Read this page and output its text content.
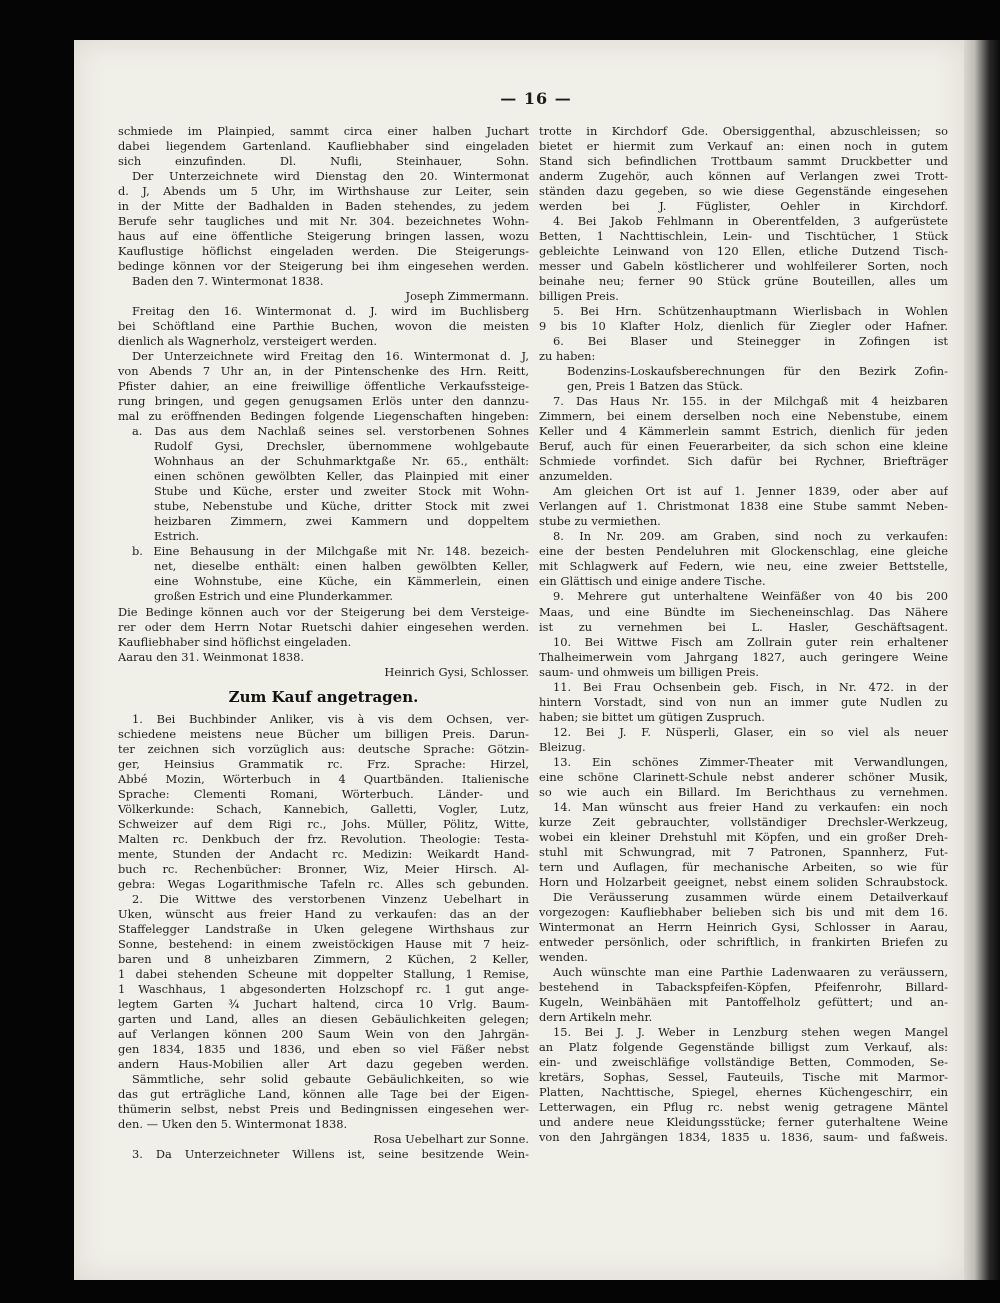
— 16 —
schmiede im Plainpied, sammt circa einer halben Juchart
dabei liegendem Gartenland. Kaufliebhaber sind eingeladen
sich einzufinden. Dl. Nufli, Steinhauer, Sohn.
Der Unterzeichnete wird Dienstag den 20. Wintermonat
d. J, Abends um 5 Uhr, im Wirthshause zur Leiter, sein
in der Mitte der Badhalden in Baden stehendes, zu jedem
Berufe sehr taugliches und mit Nr. 304. bezeichnetes Wohn-
haus auf eine öffentliche Steigerung bringen lassen, wozu
Kauflustige höflichst eingeladen werden. Die Steigerungs-
bedinge können vor der Steigerung bei ihm eingesehen werden.
Baden den 7. Wintermonat 1838.
Joseph Zimmermann.
Freitag den 16. Wintermonat d. J. wird im Buchlisberg
bei Schöftland eine Parthie Buchen, wovon die meisten
dienlich als Wagnerholz, versteigert werden.
Der Unterzeichnete wird Freitag den 16. Wintermonat d. J,
von Abends 7 Uhr an, in der Pintenschenke des Hrn. Reitt,
Pfister dahier, an eine freiwillige öffentliche Verkaufssteige-
rung bringen, und gegen genugsamen Erlös unter den dannzu-
mal zu eröffnenden Bedingen folgende Liegenschaften hingeben:
a. Das aus dem Nachlaß seines sel. verstorbenen Sohnes
Rudolf Gysi, Drechsler, übernommene wohlgebaute
Wohnhaus an der Schuhmarktgaße Nr. 65., enthält:
einen schönen gewölbten Keller, das Plainpied mit einer
Stube und Küche, erster und zweiter Stock mit Wohn-
stube, Nebenstube und Küche, dritter Stock mit zwei
heizbaren Zimmern, zwei Kammern und doppeltem
Estrich.
b. Eine Behausung in der Milchgaße mit Nr. 148. bezeich-
net, dieselbe enthält: einen halben gewölbten Keller,
eine Wohnstube, eine Küche, ein Kämmerlein, einen
großen Estrich und eine Plunderkammer.
Die Bedinge können auch vor der Steigerung bei dem Versteige-
rer oder dem Herrn Notar Ruetschi dahier eingesehen werden.
Kaufliebhaber sind höflichst eingeladen.
Aarau den 31. Weinmonat 1838.
Heinrich Gysi, Schlosser.
Zum Kauf angetragen.
1. Bei Buchbinder Anliker, vis à vis dem Ochsen, ver-
schiedene meistens neue Bücher um billigen Preis. Darun-
ter zeichnen sich vorzüglich aus: deutsche Sprache: Götzin-
ger, Heinsius Grammatik rc. Frz. Sprache: Hirzel,
Abbé Mozin, Wörterbuch in 4 Quartbänden. Italienische
Sprache: Clementi Romani, Wörterbuch. Länder- und
Völkerkunde: Schach, Kannebich, Galletti, Vogler, Lutz,
Schweizer auf dem Rigi rc., Johs. Müller, Pölitz, Witte,
Malten rc. Denkbuch der frz. Revolution. Theologie: Testa-
mente, Stunden der Andacht rc. Medizin: Weikardt Hand-
buch rc. Rechenbücher: Bronner, Wiz, Meier Hirsch. Al-
gebra: Wegas Logarithmische Tafeln rc. Alles sch gebunden.
2. Die Wittwe des verstorbenen Vinzenz Uebelhart in
Uken, wünscht aus freier Hand zu verkaufen: das an der
Staffelegger Landstraße in Uken gelegene Wirthshaus zur
Sonne, bestehend: in einem zweistöckigen Hause mit 7 heiz-
baren und 8 unheizbaren Zimmern, 2 Küchen, 2 Keller,
1 dabei stehenden Scheune mit doppelter Stallung, 1 Remise,
1 Waschhaus, 1 abgesonderten Holzschopf rc. 1 gut ange-
legtem Garten ¾ Juchart haltend, circa 10 Vrlg. Baum-
garten und Land, alles an diesen Gebäulichkeiten gelegen;
auf Verlangen können 200 Saum Wein von den Jahrgän-
gen 1834, 1835 und 1836, und eben so viel Fäßer nebst
andern Haus-Mobilien aller Art dazu gegeben werden.
Sämmtliche, sehr solid gebaute Gebäulichkeiten, so wie
das gut erträgliche Land, können alle Tage bei der Eigen-
thümerin selbst, nebst Preis und Bedingnissen eingesehen wer-
den. — Uken den 5. Wintermonat 1838.
Rosa Uebelhart zur Sonne.
3. Da Unterzeichneter Willens ist, seine besitzende Wein-
trotte in Kirchdorf Gde. Obersiggenthal, abzuschleissen; so
bietet er hiermit zum Verkauf an: einen noch in gutem
Stand sich befindlichen Trottbaum sammt Druckbetter und
anderm Zugehör, auch können auf Verlangen zwei Trott-
ständen dazu gegeben, so wie diese Gegenstände eingesehen
werden bei J. Füglister, Oehler in Kirchdorf.
4. Bei Jakob Fehlmann in Oberentfelden, 3 aufgerüstete
Betten, 1 Nachttischlein, Lein- und Tischtücher, 1 Stück
gebleichte Leinwand von 120 Ellen, etliche Dutzend Tisch-
messer und Gabeln köstlicherer und wohlfeilerer Sorten, noch
beinahe neu; ferner 90 Stück grüne Bouteillen, alles um
billigen Preis.
5. Bei Hrn. Schützenhauptmann Wierlisbach in Wohlen
9 bis 10 Klafter Holz, dienlich für Ziegler oder Hafner.
6. Bei Blaser und Steinegger in Zofingen ist
zu haben:
Bodenzins-Loskaufsberechnungen für den Bezirk Zofin-
gen, Preis 1 Batzen das Stück.
7. Das Haus Nr. 155. in der Milchgaß mit 4 heizbaren
Zimmern, bei einem derselben noch eine Nebenstube, einem
Keller und 4 Kämmerlein sammt Estrich, dienlich für jeden
Beruf, auch für einen Feuerarbeiter, da sich schon eine kleine
Schmiede vorfindet. Sich dafür bei Rychner, Briefträger
anzumelden.
Am gleichen Ort ist auf 1. Jenner 1839, oder aber auf
Verlangen auf 1. Christmonat 1838 eine Stube sammt Neben-
stube zu vermiethen.
8. In Nr. 209. am Graben, sind noch zu verkaufen:
eine der besten Pendeluhren mit Glockenschlag, eine gleiche
mit Schlagwerk auf Federn, wie neu, eine zweier Bettstelle,
ein Glättisch und einige andere Tische.
9. Mehrere gut unterhaltene Weinfäßer von 40 bis 200
Maas, und eine Bündte im Siecheneinschlag. Das Nähere
ist zu vernehmen bei L. Hasler, Geschäftsagent.
10. Bei Wittwe Fisch am Zollrain guter rein erhaltener
Thalheimerwein vom Jahrgang 1827, auch geringere Weine
saum- und ohmweis um billigen Preis.
11. Bei Frau Ochsenbein geb. Fisch, in Nr. 472. in der
hintern Vorstadt, sind von nun an immer gute Nudlen zu
haben; sie bittet um gütigen Zuspruch.
12. Bei J. F. Nüsperli, Glaser, ein so viel als neuer
Bleizug.
13. Ein schönes Zimmer-Theater mit Verwandlungen,
eine schöne Clarinett-Schule nebst anderer schöner Musik,
so wie auch ein Billard. Im Berichthaus zu vernehmen.
14. Man wünscht aus freier Hand zu verkaufen: ein noch
kurze Zeit gebrauchter, vollständiger Drechsler-Werkzeug,
wobei ein kleiner Drehstuhl mit Köpfen, und ein großer Dreh-
stuhl mit Schwungrad, mit 7 Patronen, Spannherz, Fut-
tern und Auflagen, für mechanische Arbeiten, so wie für
Horn und Holzarbeit geeignet, nebst einem soliden Schraubstock.
Die Veräusserung zusammen würde einem Detailverkauf
vorgezogen: Kaufliebhaber belieben sich bis und mit dem 16.
Wintermonat an Herrn Heinrich Gysi, Schlosser in Aarau,
entweder persönlich, oder schriftlich, in frankirten Briefen zu
wenden.
Auch wünschte man eine Parthie Ladenwaaren zu veräussern,
bestehend in Tabackspfeifen-Köpfen, Pfeifenrohr, Billard-
Kugeln, Weinbähäen mit Pantoffelholz gefüttert; und an-
dern Artikeln mehr.
15. Bei J. J. Weber in Lenzburg stehen wegen Mangel
an Platz folgende Gegenstände billigst zum Verkauf, als:
ein- und zweischläfige vollständige Betten, Commoden, Se-
kretärs, Sophas, Sessel, Fauteuils, Tische mit Marmor-
Platten, Nachttische, Spiegel, ehernes Küchengeschirr, ein
Letterwagen, ein Pflug rc. nebst wenig getragene Mäntel
und andere neue Kleidungsstücke; ferner guterhaltene Weine
von den Jahrgängen 1834, 1835 u. 1836, saum- und faßweis.
